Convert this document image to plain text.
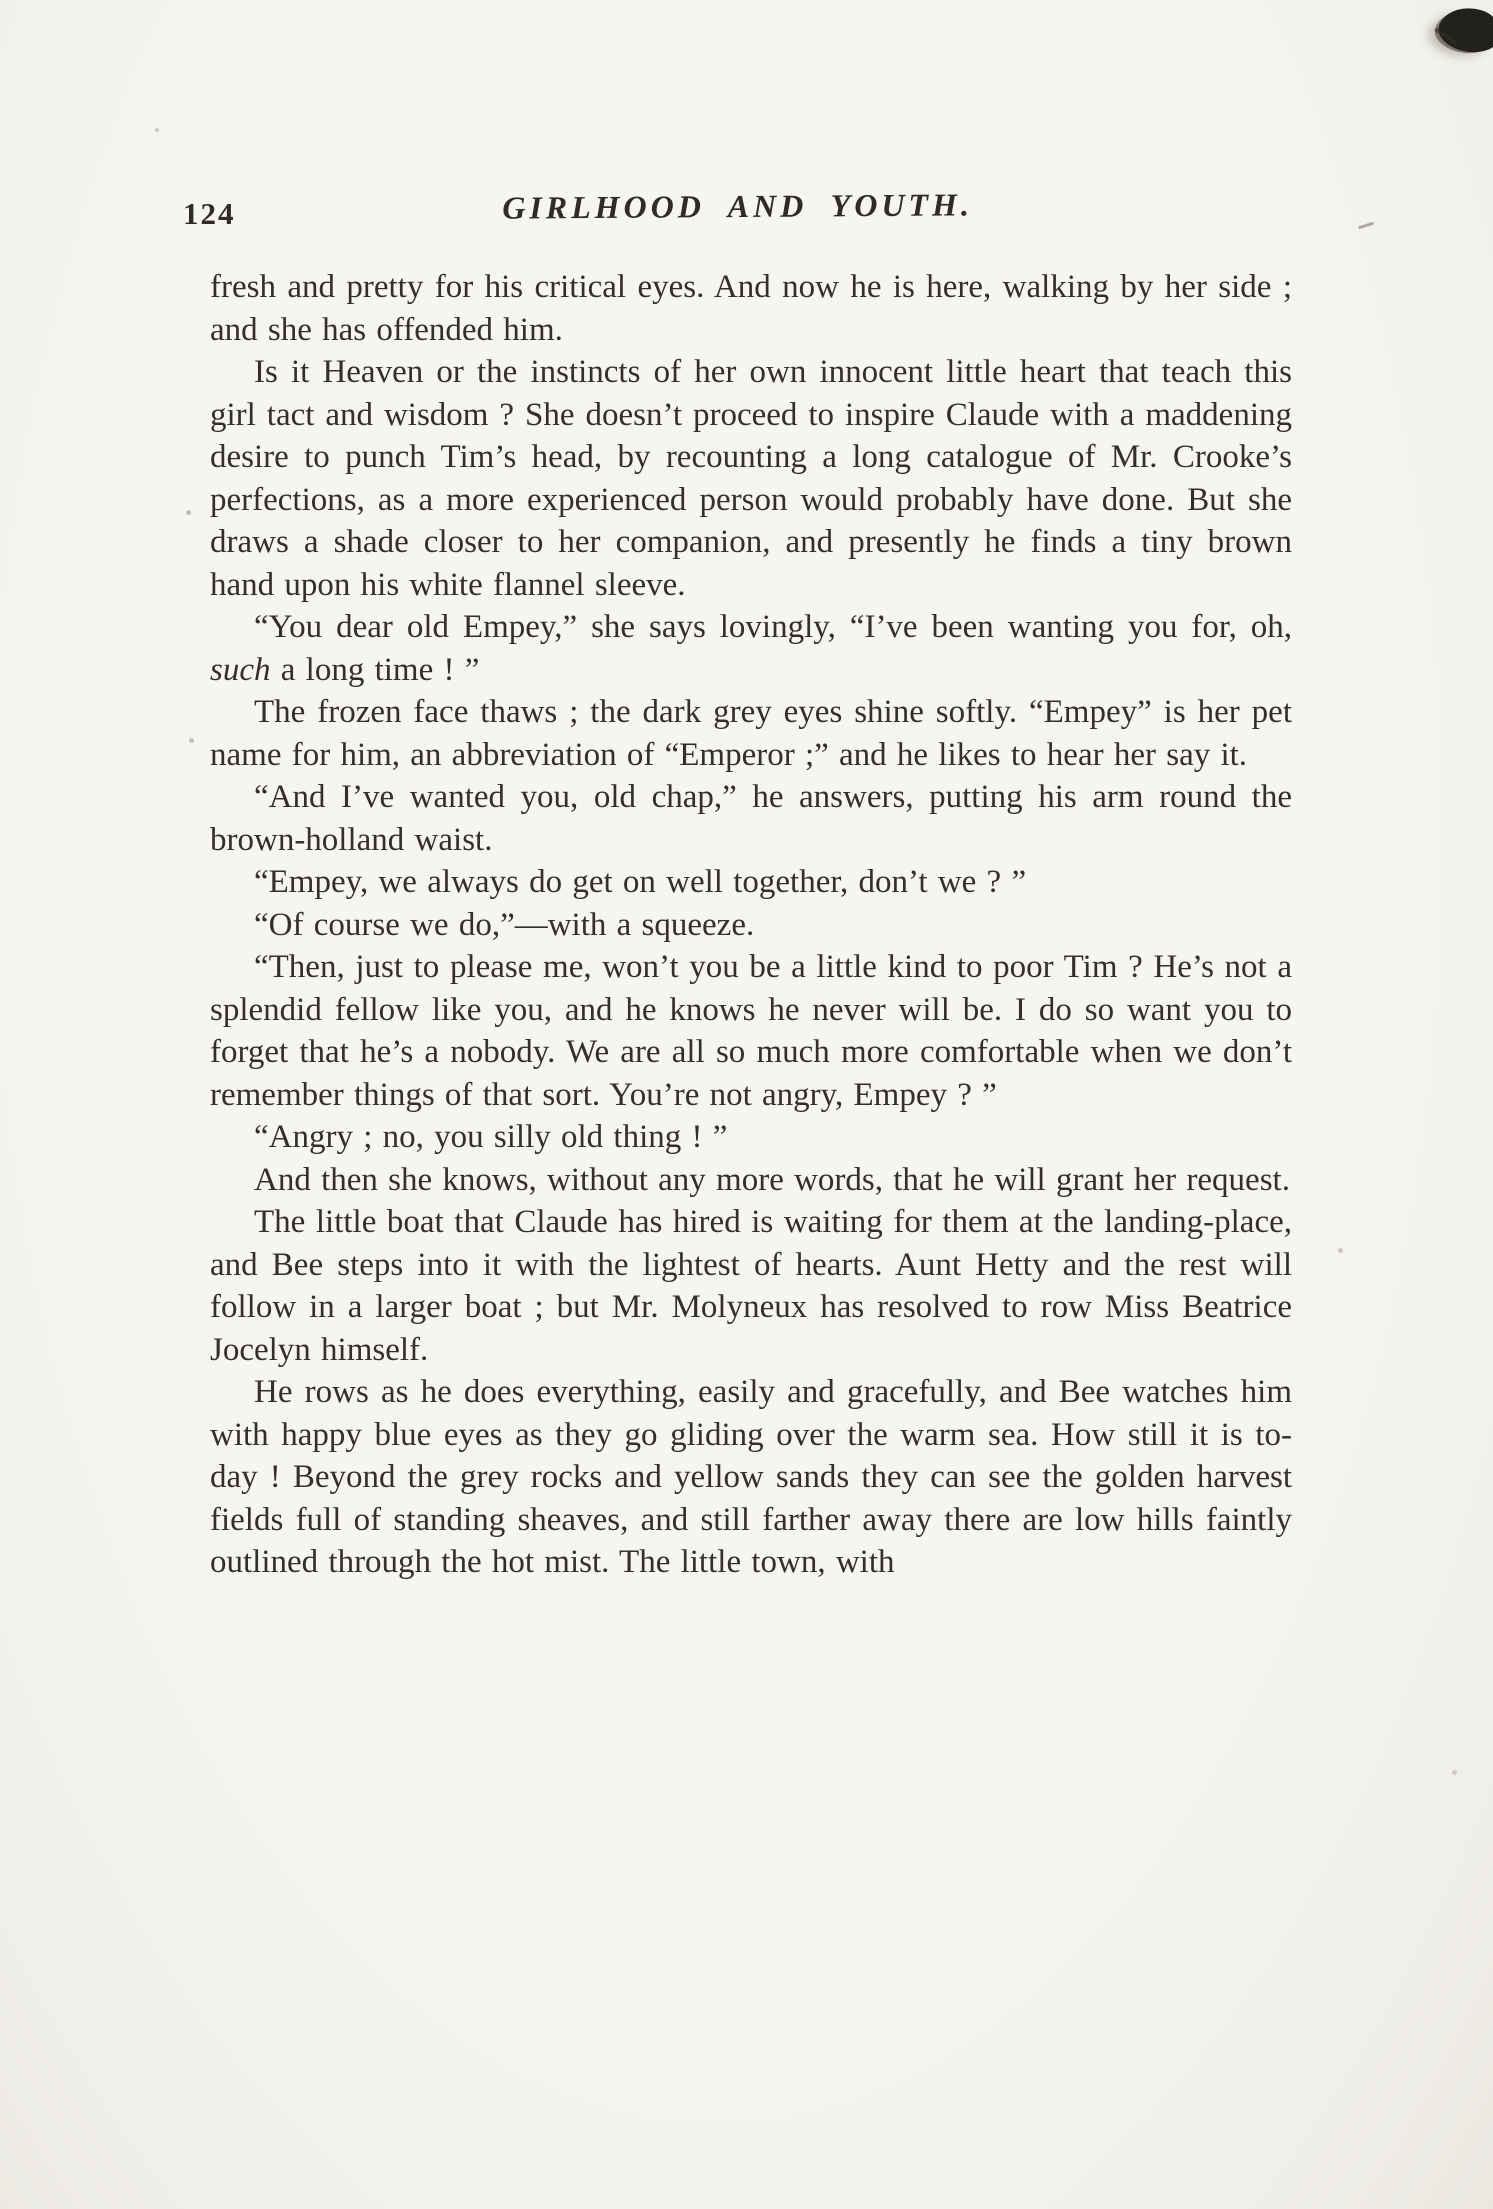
124	GIRLHOOD AND YOUTH.

fresh and pretty for his critical eyes. And now he is here, walking by her side ; and she has offended him.

Is it Heaven or the instincts of her own innocent little heart that teach this girl tact and wisdom ? She doesn’t proceed to inspire Claude with a maddening desire to punch Tim’s head, by recounting a long catalogue of Mr. Crooke’s perfections, as a more experienced person would probably have done. But she draws a shade closer to her companion, and presently he finds a tiny brown hand upon his white flannel sleeve.

“You dear old Empey,” she says lovingly, “I’ve been wanting you for, oh, such a long time ! ”

The frozen face thaws ; the dark grey eyes shine softly. “Empey” is her pet name for him, an abbreviation of “Emperor ;” and he likes to hear her say it.

“And I’ve wanted you, old chap,” he answers, putting his arm round the brown-holland waist.

“Empey, we always do get on well together, don’t we ? ”

“Of course we do,”—with a squeeze.

“Then, just to please me, won’t you be a little kind to poor Tim ? He’s not a splendid fellow like you, and he knows he never will be. I do so want you to forget that he’s a nobody. We are all so much more comfortable when we don’t remember things of that sort. You’re not angry, Empey ? ”

“Angry ; no, you silly old thing ! ”

And then she knows, without any more words, that he will grant her request.

The little boat that Claude has hired is waiting for them at the landing-place, and Bee steps into it with the lightest of hearts. Aunt Hetty and the rest will follow in a larger boat ; but Mr. Molyneux has resolved to row Miss Beatrice Jocelyn himself.

He rows as he does everything, easily and gracefully, and Bee watches him with happy blue eyes as they go gliding over the warm sea. How still it is to-day ! Beyond the grey rocks and yellow sands they can see the golden harvest fields full of standing sheaves, and still farther away there are low hills faintly outlined through the hot mist. The little town, with
